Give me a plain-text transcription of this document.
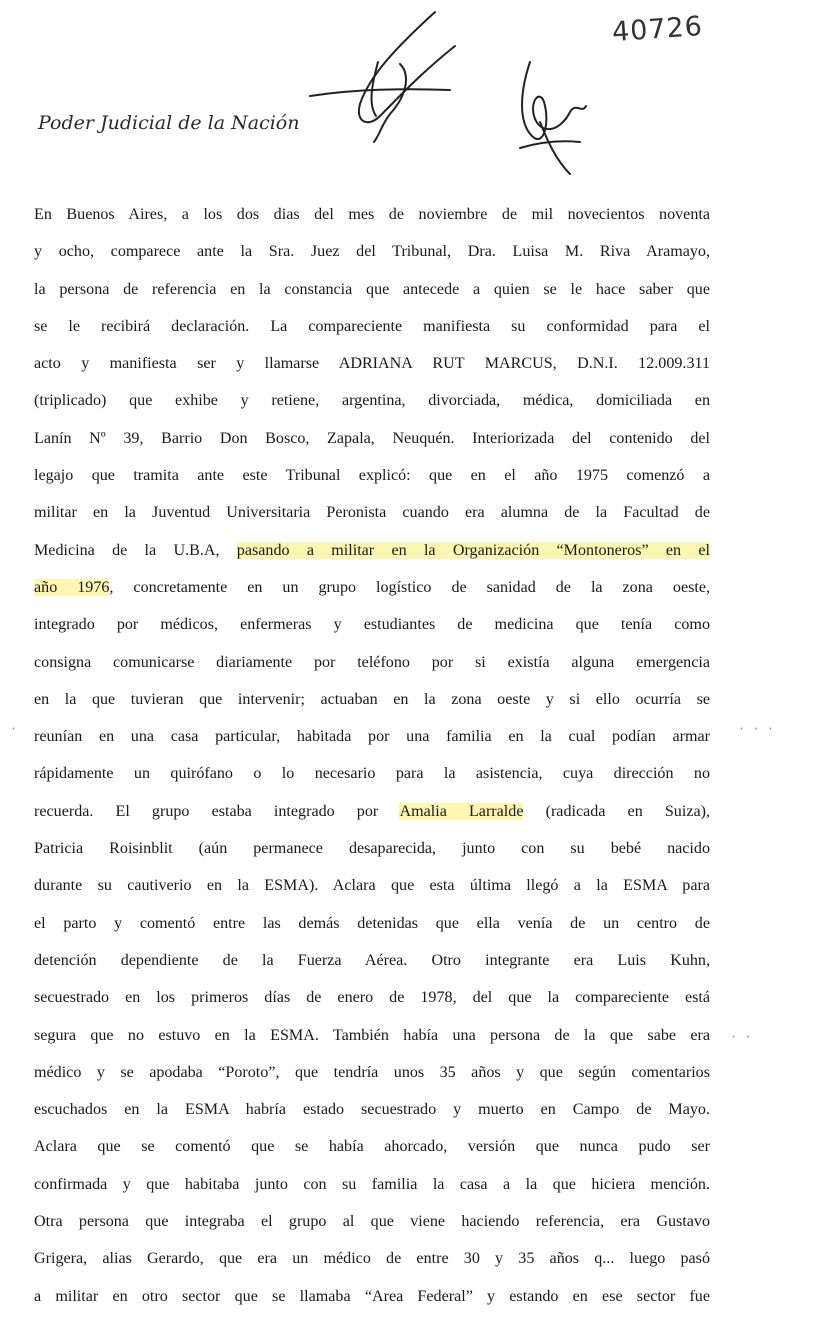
40726
Poder Judicial de la Nación
En Buenos Aires, a los dos dias del mes de noviembre de mil novecientos noventa
y ocho, comparece ante la Sra. Juez del Tribunal, Dra. Luisa M. Riva Aramayo,
la persona de referencia en la constancia que antecede a quien se le hace saber que
se le recibirá declaración. La compareciente manifiesta su conformidad para el
acto y manifiesta ser y llamarse ADRIANA RUT MARCUS, D.N.I. 12.009.311
(triplicado) que exhibe y retiene, argentina, divorciada, médica, domiciliada en
Lanín Nº 39, Barrio Don Bosco, Zapala, Neuquén. Interiorizada del contenido del
legajo que tramita ante este Tribunal explicó: que en el año 1975 comenzó a
militar en la Juventud Universitaria Peronista cuando era alumna de la Facultad de
Medicina de la U.B.A, pasando a militar en la Organización “Montoneros” en el
año 1976, concretamente en un grupo logístico de sanidad de la zona oeste,
integrado por médicos, enfermeras y estudiantes de medicina que tenía como
consigna comunicarse diariamente por teléfono por si existía alguna emergencia
en la que tuvieran que intervenir; actuaban en la zona oeste y si ello ocurría se
reunían en una casa particular, habitada por una familia en la cual podían armar
rápidamente un quirófano o lo necesario para la asistencia, cuya dirección no
recuerda. El grupo estaba integrado por Amalia Larralde (radicada en Suiza),
Patricia Roisinblit (aún permanece desaparecida, junto con su bebé nacido
durante su cautiverio en la ESMA). Aclara que esta última llegó a la ESMA para
el parto y comentó entre las demás detenidas que ella venía de un centro de
detención dependiente de la Fuerza Aérea. Otro integrante era Luis Kuhn,
secuestrado en los primeros días de enero de 1978, del que la compareciente está
segura que no estuvo en la ESMA. También había una persona de la que sabe era
médico y se apodaba “Poroto”, que tendría unos 35 años y que según comentarios
escuchados en la ESMA habría estado secuestrado y muerto en Campo de Mayo.
Aclara que se comentó que se había ahorcado, versión que nunca pudo ser
confirmada y que habitaba junto con su familia la casa a la que hiciera mención.
Otra persona que integraba el grupo al que viene haciendo referencia, era Gustavo
Grigera, alias Gerardo, que era un médico de entre 30 y 35 años q... luego pasó
a militar en otro sector que se llamaba “Area Federal” y estando en ese sector fue
· · ·
·
· ·
